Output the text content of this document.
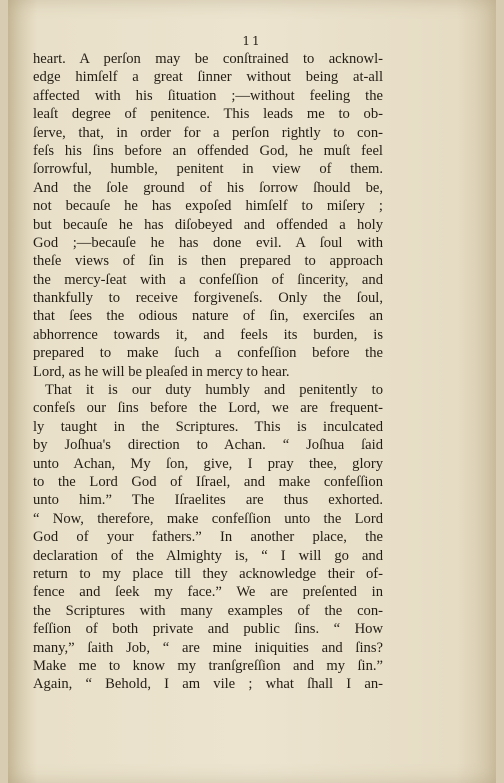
11
heart. A perſon may be conſtrained to acknowl-
edge himſelf a great ſinner without being at-all
affected with his ſituation ;—without feeling the
leaſt degree of penitence. This leads me to ob-
ſerve, that, in order for a perſon rightly to con-
feſs his ſins before an offended God, he muſt feel
ſorrowful, humble, penitent in view of them.
And the ſole ground of his ſorrow ſhould be,
not becauſe he has expoſed himſelf to miſery ;
but becauſe he has diſobeyed and offended a holy
God ;—becauſe he has done evil. A ſoul with
theſe views of ſin is then prepared to approach
the mercy-ſeat with a confeſſion of ſincerity, and
thankfully to receive forgiveneſs. Only the ſoul,
that ſees the odious nature of ſin, exerciſes an
abhorrence towards it, and feels its burden, is
prepared to make ſuch a confeſſion before the
Lord, as he will be pleaſed in mercy to hear.
That it is our duty humbly and penitently to
confeſs our ſins before the Lord, we are frequent-
ly taught in the Scriptures. This is inculcated
by Joſhua's direction to Achan. “ Joſhua ſaid
unto Achan, My ſon, give, I pray thee, glory
to the Lord God of Iſrael, and make confeſſion
unto him.” The Iſraelites are thus exhorted.
“ Now, therefore, make confeſſion unto the Lord
God of your fathers.” In another place, the
declaration of the Almighty is, “ I will go and
return to my place till they acknowledge their of-
fence and ſeek my face.” We are preſented in
the Scriptures with many examples of the con-
feſſion of both private and public ſins. “ How
many,” ſaith Job, “ are mine iniquities and ſins?
Make me to know my tranſgreſſion and my ſin.”
Again, “ Behold, I am vile ; what ſhall I an-
